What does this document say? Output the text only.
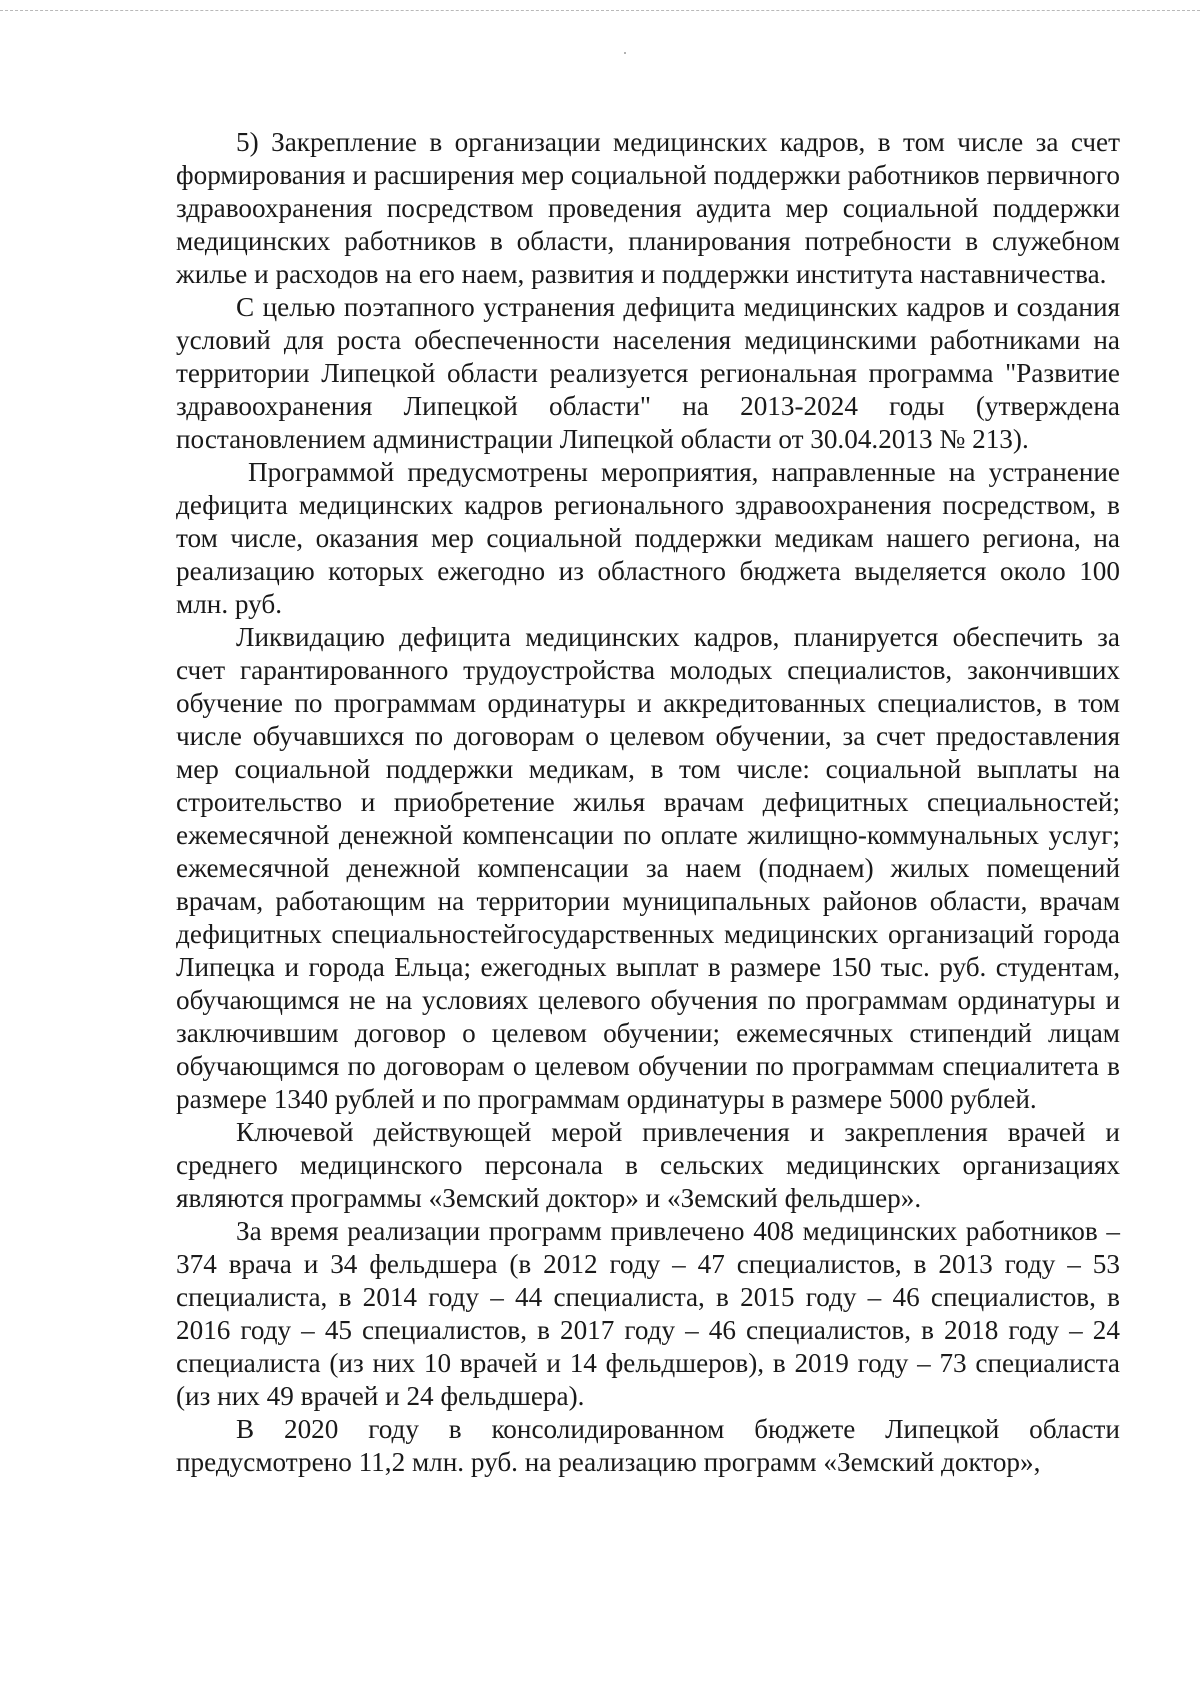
5) Закрепление в организации медицинских кадров, в том числе за счет формирования и расширения мер социальной поддержки работников первичного здравоохранения посредством проведения аудита мер социальной поддержки медицинских работников в области, планирования потребности в служебном жилье и расходов на его наем, развития и поддержки института наставничества.

С целью поэтапного устранения дефицита медицинских кадров и создания условий для роста обеспеченности населения медицинскими работниками на территории Липецкой области реализуется региональная программа "Развитие здравоохранения Липецкой области" на 2013-2024 годы (утверждена постановлением администрации Липецкой области от 30.04.2013 № 213).

Программой предусмотрены мероприятия, направленные на устранение дефицита медицинских кадров регионального здравоохранения посредством, в том числе, оказания мер социальной поддержки медикам нашего региона, на реализацию которых ежегодно из областного бюджета выделяется около 100 млн. руб.

Ликвидацию дефицита медицинских кадров, планируется обеспечить за счет гарантированного трудоустройства молодых специалистов, закончивших обучение по программам ординатуры и аккредитованных специалистов, в том числе обучавшихся по договорам о целевом обучении, за счет предоставления мер социальной поддержки медикам, в том числе: социальной выплаты на строительство и приобретение жилья врачам дефицитных специальностей; ежемесячной денежной компенсации по оплате жилищно-коммунальных услуг; ежемесячной денежной компенсации за наем (поднаем) жилых помещений врачам, работающим на территории муниципальных районов области, врачам дефицитных специальностейгосударственных медицинских организаций города Липецка и города Ельца; ежегодных выплат в размере 150 тыс. руб. студентам, обучающимся не на условиях целевого обучения по программам ординатуры и заключившим договор о целевом обучении; ежемесячных стипендий лицам обучающимся по договорам о целевом обучении по программам специалитета в размере 1340 рублей и по программам ординатуры в размере 5000 рублей.

Ключевой действующей мерой привлечения и закрепления врачей и среднего медицинского персонала в сельских медицинских организациях являются программы «Земский доктор» и «Земский фельдшер».

За время реализации программ привлечено 408 медицинских работников – 374 врача и 34 фельдшера (в 2012 году – 47 специалистов, в 2013 году – 53 специалиста, в 2014 году – 44 специалиста, в 2015 году – 46 специалистов, в 2016 году – 45 специалистов, в 2017 году – 46 специалистов, в 2018 году – 24 специалиста (из них 10 врачей и 14 фельдшеров), в 2019 году – 73 специалиста (из них 49 врачей и 24 фельдшера).

В 2020 году в консолидированном бюджете Липецкой области предусмотрено 11,2 млн. руб. на реализацию программ «Земский доктор»,
